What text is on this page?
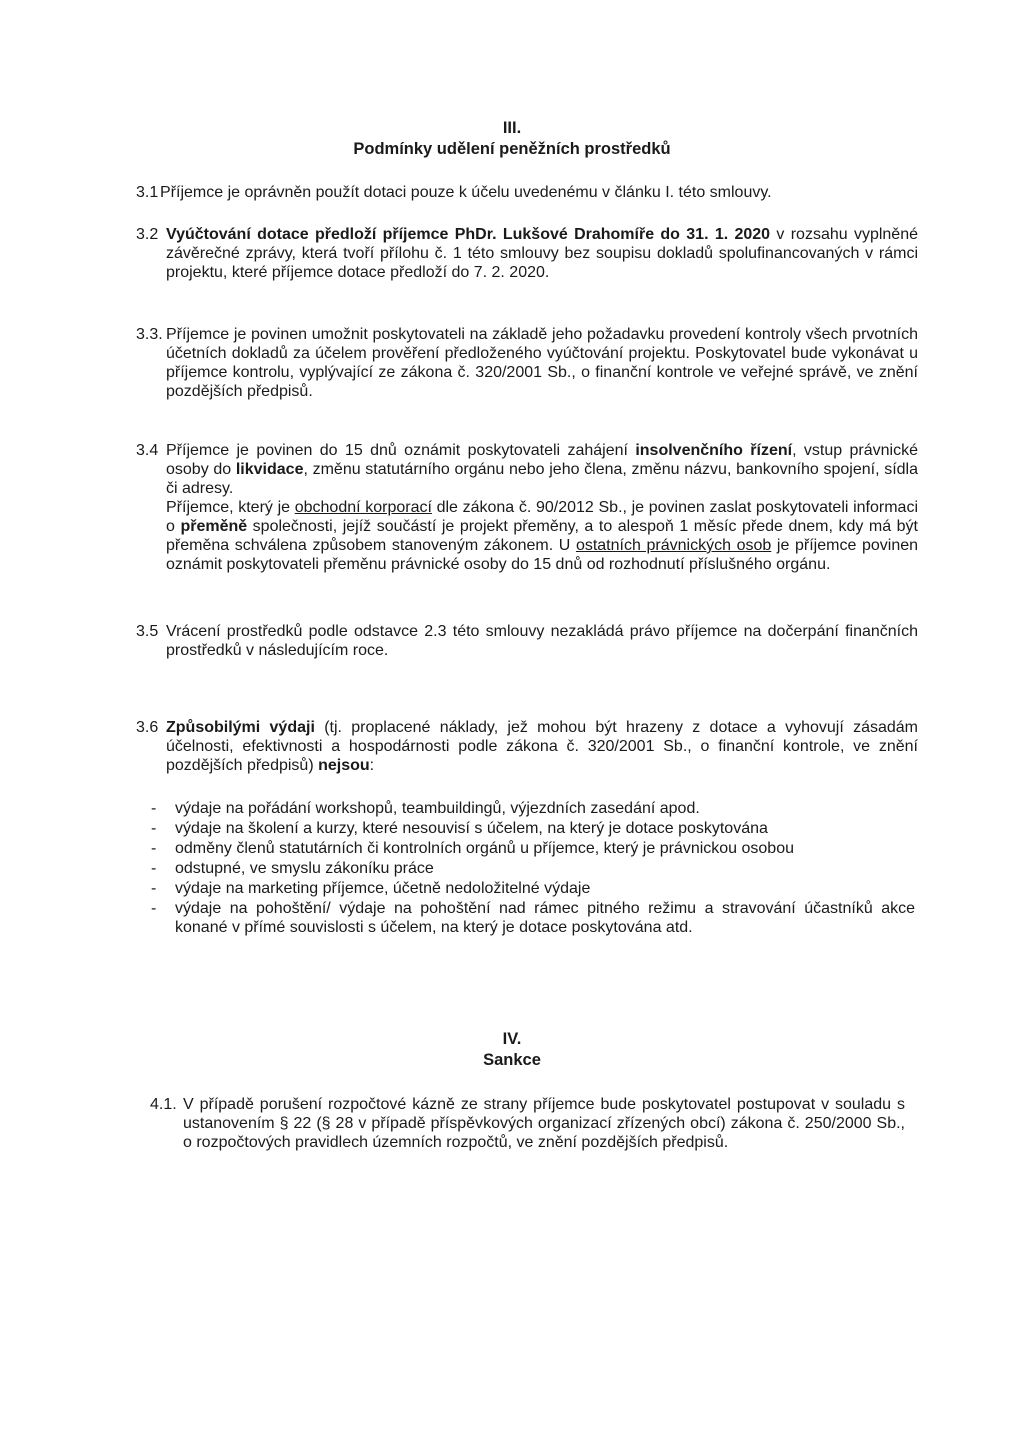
III.
Podmínky udělení peněžních prostředků
3.1 Příjemce je oprávněn použít dotaci pouze k účelu uvedenému v článku I. této smlouvy.
3.2 Vyúčtování dotace předloží příjemce PhDr. Lukšové Drahomíře do 31. 1. 2020 v rozsahu vyplněné závěrečné zprávy, která tvoří přílohu č. 1 této smlouvy bez soupisu dokladů spolufinancovaných v rámci projektu, které příjemce dotace předloží do 7. 2. 2020.
3.3. Příjemce je povinen umožnit poskytovateli na základě jeho požadavku provedení kontroly všech prvotních účetních dokladů za účelem prověření předloženého vyúčtování projektu. Poskytovatel bude vykonávat u příjemce kontrolu, vyplývající ze zákona č. 320/2001 Sb., o finanční kontrole ve veřejné správě, ve znění pozdějších předpisů.
3.4 Příjemce je povinen do 15 dnů oznámit poskytovateli zahájení insolvenčního řízení, vstup právnické osoby do likvidace, změnu statutárního orgánu nebo jeho člena, změnu názvu, bankovního spojení, sídla či adresy.
Příjemce, který je obchodní korporací dle zákona č. 90/2012 Sb., je povinen zaslat poskytovateli informaci o přeměně společnosti, jejíž součástí je projekt přeměny, a to alespoň 1 měsíc přede dnem, kdy má být přeměna schválena způsobem stanoveným zákonem. U ostatních právnických osob je příjemce povinen oznámit poskytovateli přeměnu právnické osoby do 15 dnů od rozhodnutí příslušného orgánu.
3.5 Vrácení prostředků podle odstavce 2.3 této smlouvy nezakládá právo příjemce na dočerpání finančních prostředků v následujícím roce.
3.6 Způsobilými výdaji (tj. proplacené náklady, jež mohou být hrazeny z dotace a vyhovují zásadám účelnosti, efektivnosti a hospodárnosti podle zákona č. 320/2001 Sb., o finanční kontrole, ve znění pozdějších předpisů) nejsou:
- výdaje na pořádání workshopů, teambuildingů, výjezdních zasedání apod.
- výdaje na školení a kurzy, které nesouvisí s účelem, na který je dotace poskytována
- odměny členů statutárních či kontrolních orgánů u příjemce, který je právnickou osobou
- odstupné, ve smyslu zákoníku práce
- výdaje na marketing příjemce, účetně nedoložitelné výdaje
- výdaje na pohoštění/ výdaje na pohoštění nad rámec pitného režimu a stravování účastníků akce konané v přímé souvislosti s účelem, na který je dotace poskytována atd.
IV.
Sankce
4.1. V případě porušení rozpočtové kázně ze strany příjemce bude poskytovatel postupovat v souladu s ustanovením § 22 (§ 28 v případě příspěvkových organizací zřízených obcí) zákona č. 250/2000 Sb., o rozpočtových pravidlech územních rozpočtů, ve znění pozdějších předpisů.
